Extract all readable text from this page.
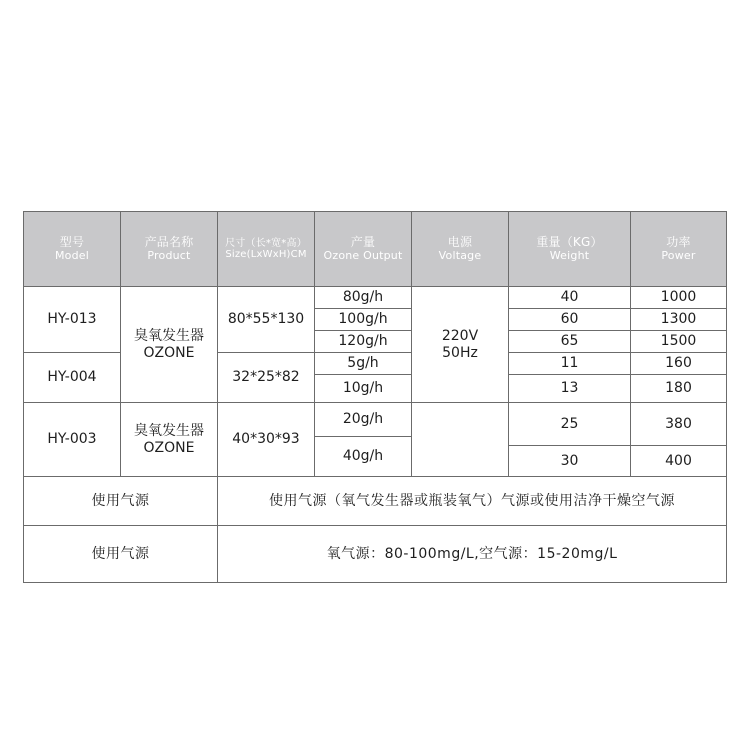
型号
Model
产品名称
Product
尺寸（长*宽*高）
Size(LxWxH)CM
产量
Ozone Output
电源
Voltage
重量（KG）
Weight
功率
Power
HY-013
HY-004
HY-003
臭氧发生器
OZONE
臭氧发生器
OZONE
80*55*130
32*25*82
40*30*93
80g/h
100g/h
120g/h
5g/h
10g/h
20g/h
40g/h
220V
50Hz
40
60
65
11
13
25
30
1000
1300
1500
160
180
380
400
使用气源	使用气源（氧气发生器或瓶装氧气）气源或使用洁净干燥空气源
使用气源	氧气源：80-100mg/L,空气源：15-20mg/L
